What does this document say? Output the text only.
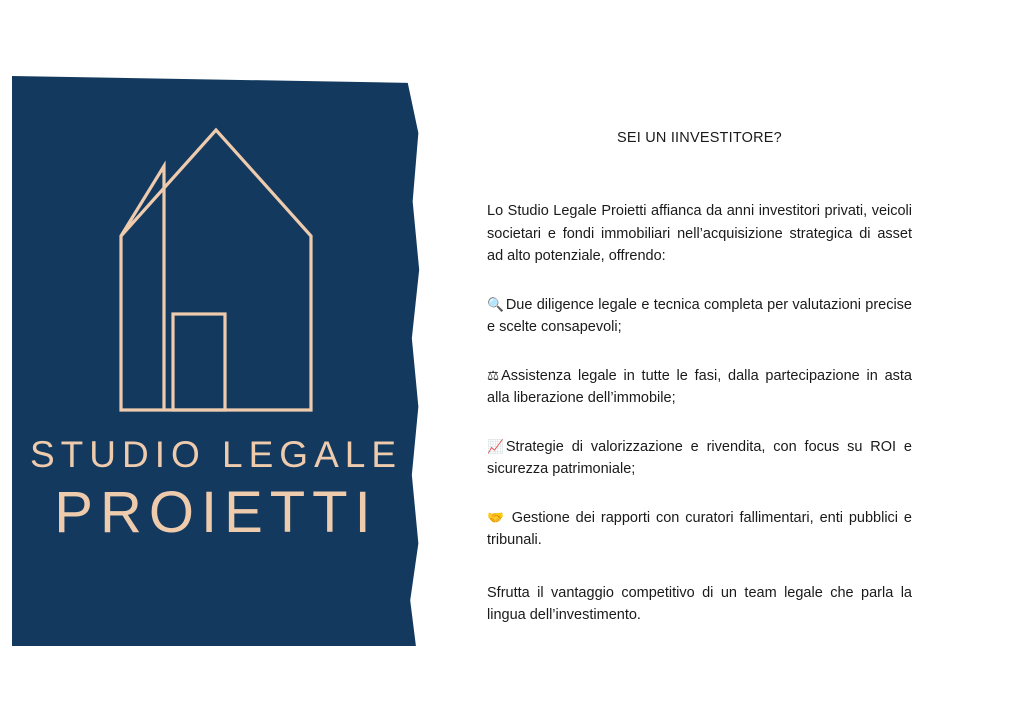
STUDIO LEGALE
PROIETTI
SEI UN IINVESTITORE?

Lo Studio Legale Proietti affianca da anni investitori privati, veicoli societari e fondi immobiliari nell’acquisizione strategica di asset ad alto potenziale, offrendo:

🔍 Due diligence legale e tecnica completa per valutazioni precise e scelte consapevoli;

⚖ Assistenza legale in tutte le fasi, dalla partecipazione in asta alla liberazione dell’immobile;

📈 Strategie di valorizzazione e rivendita, con focus su ROI e sicurezza patrimoniale;

🤝 Gestione dei rapporti con curatori fallimentari, enti pubblici e tribunali.

Sfrutta il vantaggio competitivo di un team legale che parla la lingua dell’investimento.
